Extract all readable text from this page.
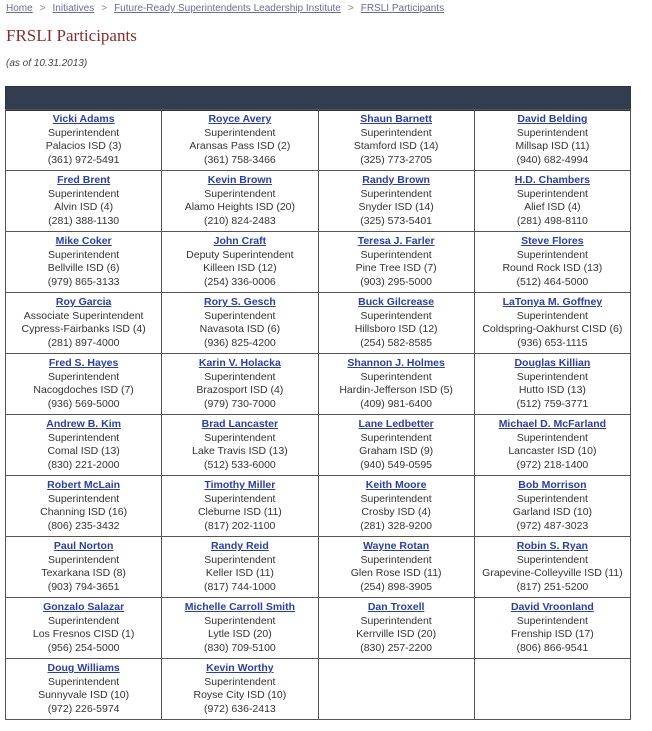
Home > Initiatives > Future-Ready Superintendents Leadership Institute > FRSLI Participants
FRSLI Participants
(as of 10.31.2013)
Vicki Adams
Superintendent
Palacios ISD (3)
(361) 972-5491	Royce Avery
Superintendent
Aransas Pass ISD (2)
(361) 758-3466	Shaun Barnett
Superintendent
Stamford ISD (14)
(325) 773-2705	David Belding
Superintendent
Millsap ISD (11)
(940) 682-4994

Fred Brent
Superintendent
Alvin ISD (4)
(281) 388-1130	Kevin Brown
Superintendent
Alamo Heights ISD (20)
(210) 824-2483	Randy Brown
Superintendent
Snyder ISD (14)
(325) 573-5401	H.D. Chambers
Superintendent
Alief ISD (4)
(281) 498-8110

Mike Coker
Superintendent
Bellville ISD (6)
(979) 865-3133	John Craft
Deputy Superintendent
Killeen ISD (12)
(254) 336-0006	Teresa J. Farler
Superintendent
Pine Tree ISD (7)
(903) 295-5000	Steve Flores
Superintendent
Round Rock ISD (13)
(512) 464-5000

Roy Garcia
Associate Superintendent
Cypress-Fairbanks ISD (4)
(281) 897-4000	Rory S. Gesch
Superintendent
Navasota ISD (6)
(936) 825-4200	Buck Gilcrease
Superintendent
Hillsboro ISD (12)
(254) 582-8585	LaTonya M. Goffney
Superintendent
Coldspring-Oakhurst CISD (6)
(936) 653-1115

Fred S. Hayes
Superintendent
Nacogdoches ISD (7)
(936) 569-5000	Karin V. Holacka
Superintendent
Brazosport ISD (4)
(979) 730-7000	Shannon J. Holmes
Superintendent
Hardin-Jefferson ISD (5)
(409) 981-6400	Douglas Killian
Superintendent
Hutto ISD (13)
(512) 759-3771

Andrew B. Kim
Superintendent
Comal ISD (13)
(830) 221-2000	Brad Lancaster
Superintendent
Lake Travis ISD (13)
(512) 533-6000	Lane Ledbetter
Superintendent
Graham ISD (9)
(940) 549-0595	Michael D. McFarland
Superintendent
Lancaster ISD (10)
(972) 218-1400

Robert McLain
Superintendent
Channing ISD (16)
(806) 235-3432	Timothy Miller
Superintendent
Cleburne ISD (11)
(817) 202-1100	Keith Moore
Superintendent
Crosby ISD (4)
(281) 328-9200	Bob Morrison
Superintendent
Garland ISD (10)
(972) 487-3023

Paul Norton
Superintendent
Texarkana ISD (8)
(903) 794-3651	Randy Reid
Superintendent
Keller ISD (11)
(817) 744-1000	Wayne Rotan
Superintendent
Glen Rose ISD (11)
(254) 898-3905	Robin S. Ryan
Superintendent
Grapevine-Colleyville ISD (11)
(817) 251-5200

Gonzalo Salazar
Superintendent
Los Fresnos CISD (1)
(956) 254-5000	Michelle Carroll Smith
Superintendent
Lytle ISD (20)
(830) 709-5100	Dan Troxell
Superintendent
Kerrville ISD (20)
(830) 257-2200	David Vroonland
Superintendent
Frenship ISD (17)
(806) 866-9541

Doug Williams
Superintendent
Sunnyvale ISD (10)
(972) 226-5974	Kevin Worthy
Superintendent
Royse City ISD (10)
(972) 636-2413		
